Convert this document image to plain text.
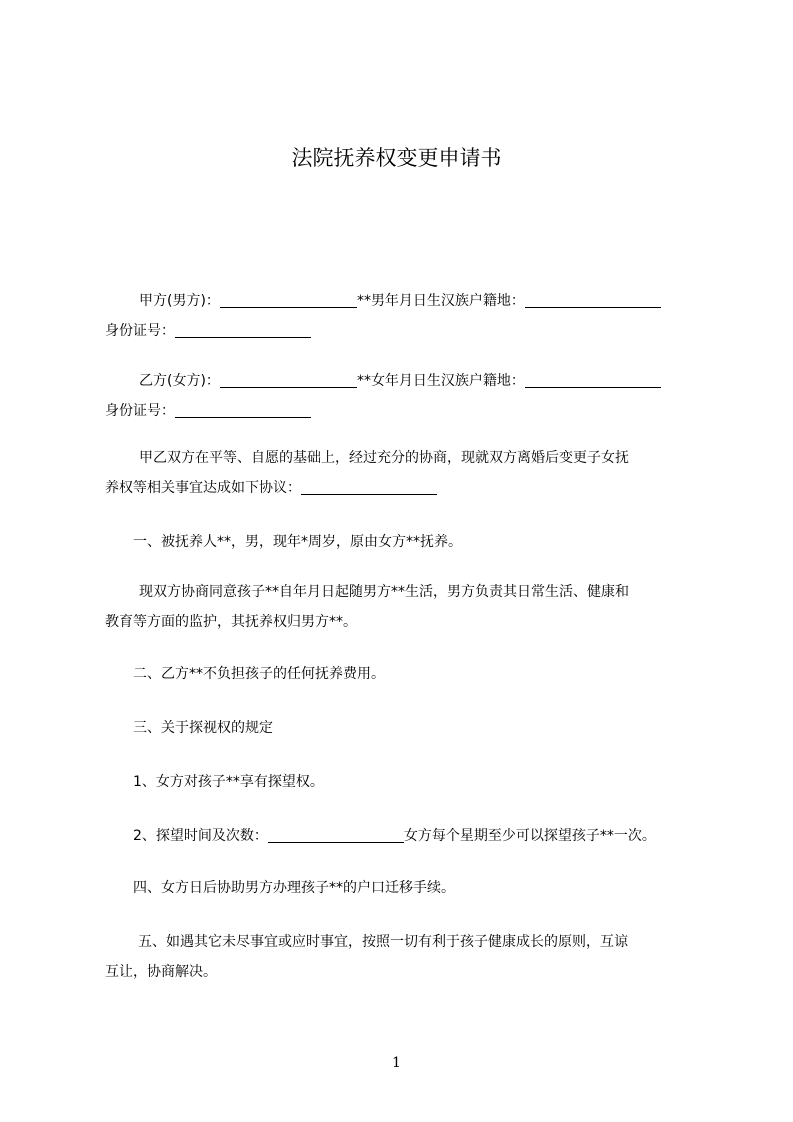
法院抚养权变更申请书

甲方(男方)：	**男年月日生汉族户籍地：

身份证号：

乙方(女方)：	**女年月日生汉族户籍地：

身份证号：

甲乙双方在平等、自愿的基础上，经过充分的协商，现就双方离婚后变更子女抚

养权等相关事宜达成如下协议：

一、被抚养人**，男，现年*周岁，原由女方**抚养。

现双方协商同意孩子**自年月日起随男方**生活，男方负责其日常生活、健康和

教育等方面的监护，其抚养权归男方**。

二、乙方**不负担孩子的任何抚养费用。

三、关于探视权的规定

1、女方对孩子**享有探望权。

2、探望时间及次数：	女方每个星期至少可以探望孩子**一次。

四、女方日后协助男方办理孩子**的户口迁移手续。

五、如遇其它未尽事宜或应时事宜，按照一切有利于孩子健康成长的原则，互谅

互让，协商解决。

1
